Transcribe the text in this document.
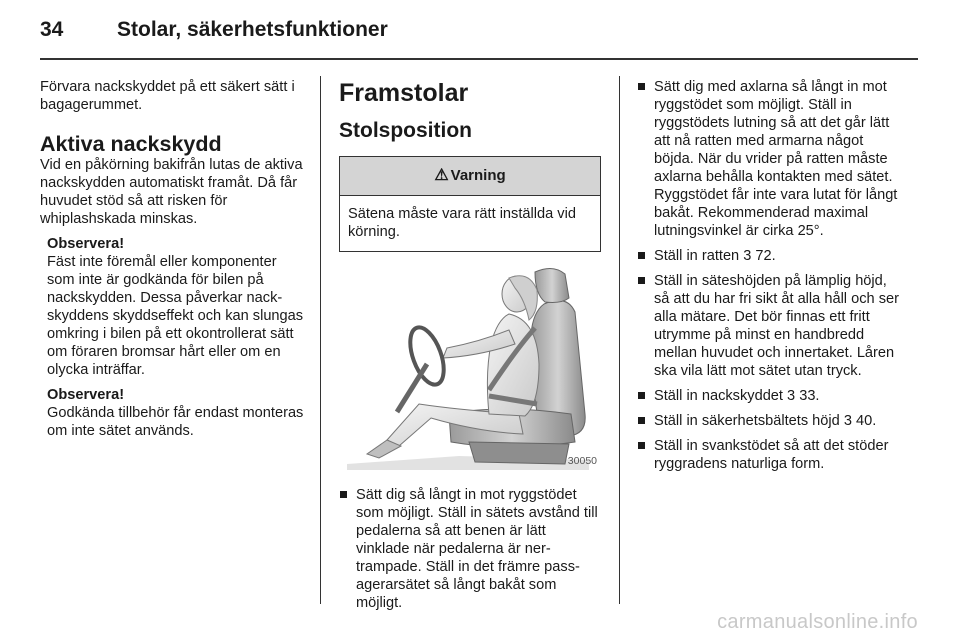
34	Stolar, säkerhetsfunktioner

Förvara nackskyddet på ett säkert sätt i bagagerummet.

Aktiva nackskydd

Vid en påkörning bakifrån lutas de aktiva nackskydden automatiskt framåt. Då får huvudet stöd så att risken för whiplashskada minskas.

Observera!

Fäst inte föremål eller komponenter som inte är godkända för bilen på nackskydden. Dessa påverkar nackskyddens skyddseffekt och kan slungas omkring i bilen på ett okontrollerat sätt om föraren bromsar hårt eller om en olycka inträffar.

Observera!

Godkända tillbehör får endast monteras om inte sätet används.

Framstolar

Stolsposition

⚠ Varning
Sätena måste vara rätt inställda vid körning.
30050
Sätt dig så långt in mot ryggstödet som möjligt. Ställ in sätets avstånd till pedalerna så att benen är lätt vinklade när pedalerna är nertrampade. Ställ in det främre passagerarsätet så långt bakåt som möjligt.
Sätt dig med axlarna så långt in mot ryggstödet som möjligt. Ställ in ryggstödets lutning så att det går lätt att nå ratten med armarna något böjda. När du vrider på ratten måste axlarna behålla kontakten med sätet. Ryggstödet får inte vara lutat för långt bakåt. Rekommenderad maximal lutningsvinkel är cirka 25°.
Ställ in ratten 3 72.
Ställ in säteshöjden på lämplig höjd, så att du har fri sikt åt alla håll och ser alla mätare. Det bör finnas ett fritt utrymme på minst en handbredd mellan huvudet och innertaket. Låren ska vila lätt mot sätet utan tryck.
Ställ in nackskyddet 3 33.
Ställ in säkerhetsbältets höjd 3 40.
Ställ in svankstödet så att det stöder ryggradens naturliga form.
carmanualsonline.info
